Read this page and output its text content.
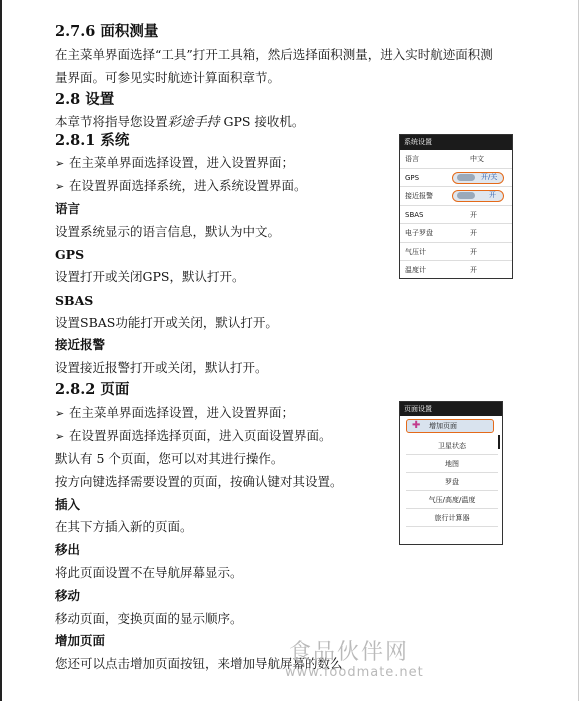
2.7.6 面积测量
在主菜单界面选择“工具”打开工具箱，然后选择面积测量，进入实时航迹面积测
量界面。可参见实时航迹计算面积章节。
2.8 设置
本章节将指导您设置彩途手持 GPS 接收机。
2.8.1 系统
➢ 在主菜单界面选择设置，进入设置界面；
➢ 在设置界面选择系统，进入系统设置界面。
语言
设置系统显示的语言信息，默认为中文。
GPS
设置打开或关闭GPS，默认打开。
SBAS
设置SBAS功能打开或关闭，默认打开。
接近报警
设置接近报警打开或关闭，默认打开。
系统设置
语言	中文
GPS	开/关
接近报警	开
SBAS	开
电子罗盘	开
气压计	开
温度计	开
2.8.2 页面
➢ 在主菜单界面选择设置，进入设置界面；
➢ 在设置界面选择选择页面，进入页面设置界面。
默认有 5 个页面，您可以对其进行操作。
按方向键选择需要设置的页面，按确认键对其设置。
插入
在其下方插入新的页面。
移出
将此页面设置不在导航屏幕显示。
移动
移动页面，变换页面的显示顺序。
增加页面
您还可以点击增加页面按钮，来增加导航屏幕的数么
页面设置
✚ 增加页面
卫星状态
地图
罗盘
气压/高度/温度
旅行计算器
食品伙伴网
www.foodmate.net
